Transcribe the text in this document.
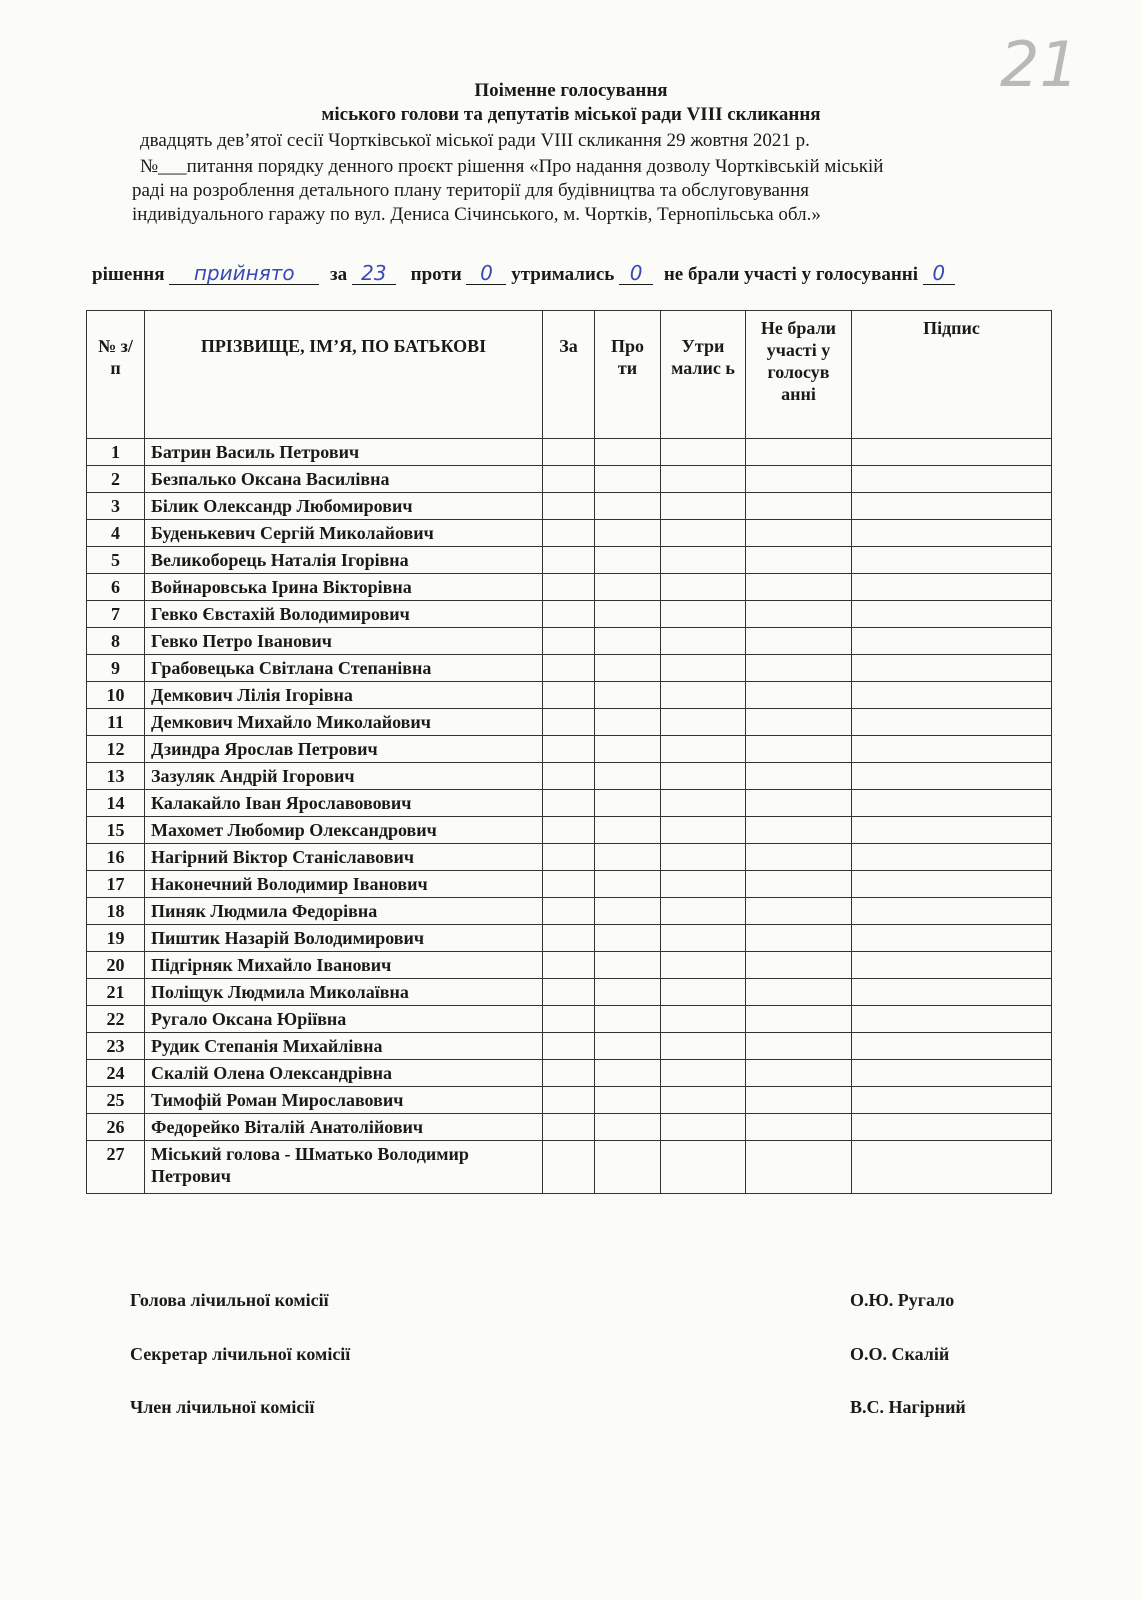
21
Поіменне голосування
міського голови та депутатів міської ради VIII скликання
двадцять дев’ятої сесії Чортківської міської ради VIII скликання 29 жовтня 2021 р.
№___питання порядку денного проєкт рішення «Про надання дозволу Чортківській міській
раді на розроблення детального плану території для будівництва та обслуговування
індивідуального гаражу по вул. Дениса Січинського, м. Чортків, Тернопільська обл.»
рішення прийнято за 23 проти 0 утримались 0 не брали участі у голосуванні 0
№ з/п	ПРІЗВИЩЕ, ІМ’Я, ПО БАТЬКОВІ	За	Про ти	Утри малис ь	Не брали участі у голосув анні	Підпис
1	Батрин Василь Петрович					
2	Безпалько Оксана Василівна					
3	Білик Олександр Любомирович					
4	Буденькевич Сергій Миколайович					
5	Великоборець Наталія Ігорівна					
6	Войнаровська Ірина Вікторівна					
7	Гевко Євстахій Володимирович					
8	Гевко Петро Іванович					
9	Грабовецька Світлана Степанівна					
10	Демкович Лілія Ігорівна					
11	Демкович Михайло Миколайович					
12	Дзиндра Ярослав Петрович					
13	Зазуляк Андрій Ігорович					
14	Калакайло Іван Ярославовович					
15	Махомет Любомир Олександрович					
16	Нагірний Віктор Станіславович					
17	Наконечний Володимир Іванович					
18	Пиняк Людмила Федорівна					
19	Пиштик Назарій Володимирович					
20	Підгірняк Михайло Іванович					
21	Поліщук Людмила Миколаївна					
22	Ругало Оксана Юріївна					
23	Рудик Степанія Михайлівна					
24	Скалій Олена Олександрівна					
25	Тимофій Роман Мирославович					
26	Федорейко Віталій Анатолійович					
27	Міський голова - Шматько Володимир Петрович					
Голова лічильної комісії	О.Ю. Ругало
Секретар лічильної комісії	О.О. Скалій
Член лічильної комісії	В.С. Нагірний
